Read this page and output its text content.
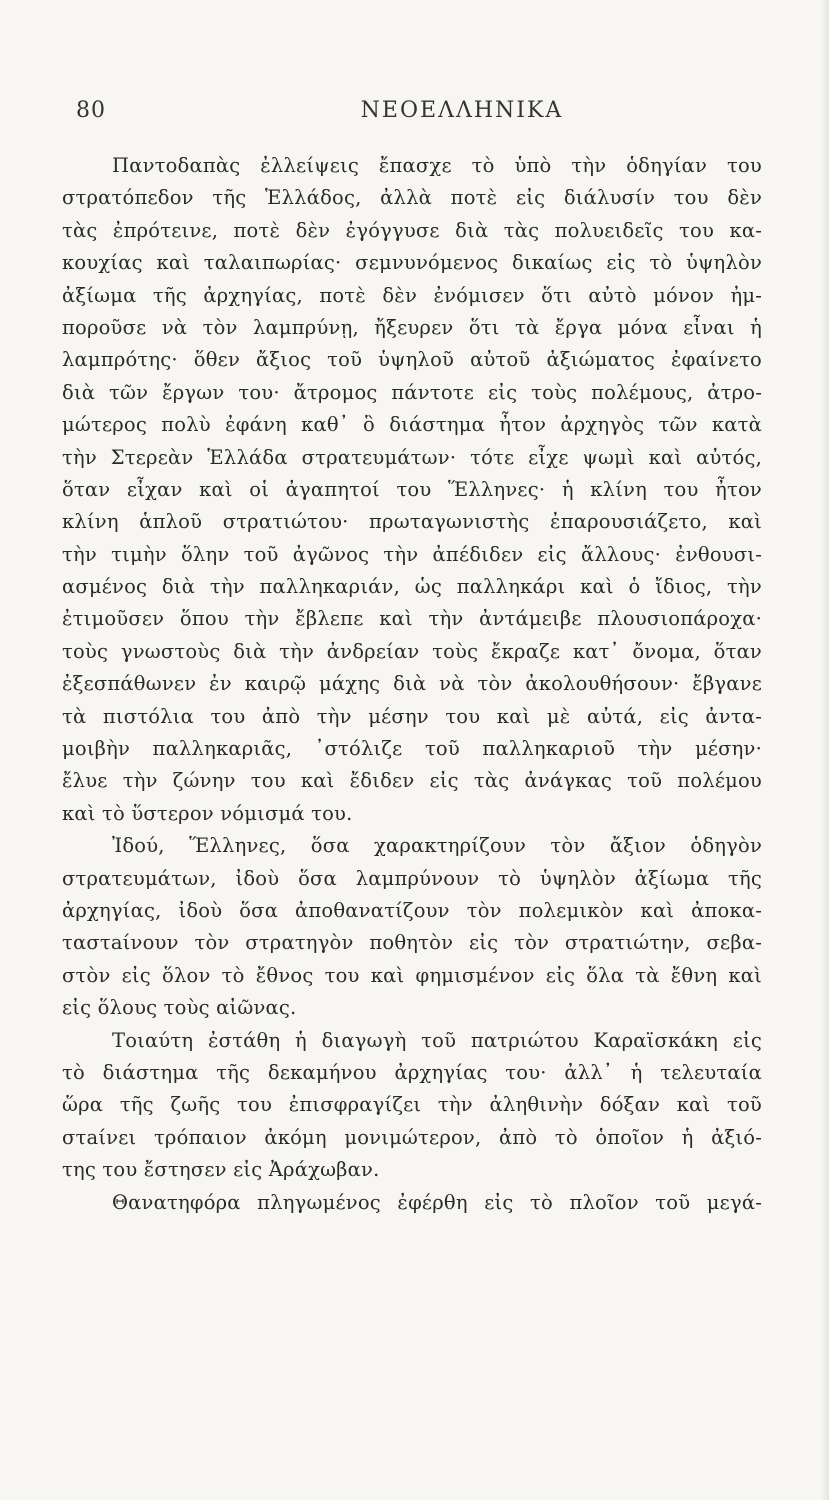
80	ΝΕΟΕΛΛΗΝΙΚΑ
Παντοδαπὰς ἐλλείψεις ἔπασχε τὸ ὑπὸ τὴν ὁδηγίαν του
στρατόπεδον τῆς Ἑλλάδος, ἀλλὰ ποτὲ εἰς διάλυσίν του δὲν
τὰς ἐπρότεινε, ποτὲ δὲν ἐγόγγυσε διὰ τὰς πολυειδεῖς του κα-
κουχίας καὶ ταλαιπωρίας· σεμνυνόμενος δικαίως εἰς τὸ ὑψηλὸν
ἀξίωμα τῆς ἀρχηγίας, ποτὲ δὲν ἐνόμισεν ὅτι αὐτὸ μόνον ἠμ-
ποροῦσε νὰ τὸν λαμπρύνῃ, ἤξευρεν ὅτι τὰ ἔργα μόνα εἶναι ἡ
λαμπρότης· ὅθεν ἄξιος τοῦ ὑψηλοῦ αὐτοῦ ἀξιώματος ἐφαίνετο
διὰ τῶν ἔργων του· ἄτρομος πάντοτε εἰς τοὺς πολέμους, ἀτρο-
μώτερος πολὺ ἐφάνη καθ᾽ ὃ διάστημα ἦτον ἀρχηγὸς τῶν κατὰ
τὴν Στερεὰν Ἑλλάδα στρατευμάτων· τότε εἶχε ψωμὶ καὶ αὐτός,
ὅταν εἶχαν καὶ οἱ ἀγαπητοί του Ἕλληνες· ἡ κλίνη του ἦτον
κλίνη ἁπλοῦ στρατιώτου· πρωταγωνιστὴς ἐπαρουσιάζετο, καὶ
τὴν τιμὴν ὅλην τοῦ ἀγῶνος τὴν ἀπέδιδεν εἰς ἄλλους· ἐνθουσι-
ασμένος διὰ τὴν παλληκαριάν, ὡς παλληκάρι καὶ ὁ ἴδιος, τὴν
ἐτιμοῦσεν ὅπου τὴν ἔβλεπε καὶ τὴν ἀντάμειβε πλουσιοπάροχα·
τοὺς γνωστοὺς διὰ τὴν ἀνδρείαν τοὺς ἔκραζε κατ᾽ ὄνομα, ὅταν
ἐξεσπάθωνεν ἐν καιρῷ μάχης διὰ νὰ τὸν ἀκολουθήσουν· ἔβγανε
τὰ πιστόλια του ἀπὸ τὴν μέσην του καὶ μὲ αὐτά, εἰς ἀντα-
μοιβὴν παλληκαριᾶς, ᾽στόλιζε τοῦ παλληκαριοῦ τὴν μέσην·
ἔλυε τὴν ζώνην του καὶ ἔδιδεν εἰς τὰς ἀνάγκας τοῦ πολέμου
καὶ τὸ ὕστερον νόμισμά του.
Ἰδού, Ἕλληνες, ὅσα χαρακτηρίζουν τὸν ἄξιον ὁδηγὸν
στρατευμάτων, ἰδοὺ ὅσα λαμπρύνουν τὸ ὑψηλὸν ἀξίωμα τῆς
ἀρχηγίας, ἰδοὺ ὅσα ἀποθανατίζουν τὸν πολεμικὸν καὶ ἀποκα-
ταστaίνουν τὸν στρατηγὸν ποθητὸν εἰς τὸν στρατιώτην, σεβα-
στὸν εἰς ὅλον τὸ ἔθνος του καὶ φημισμένον εἰς ὅλα τὰ ἔθνη καὶ
εἰς ὅλους τοὺς αἰῶνας.
Τοιαύτη ἐστάθη ἡ διαγωγὴ τοῦ πατριώτου Καραϊσκάκη εἰς
τὸ διάστημα τῆς δεκαμήνου ἀρχηγίας του· ἀλλ᾽ ἡ τελευταία
ὥρα τῆς ζωῆς του ἐπισφραγίζει τὴν ἀληθινὴν δόξαν καὶ τοῦ
στaίνει τρόπαιον ἀκόμη μονιμώτερον, ἀπὸ τὸ ὁποῖον ἡ ἀξιό-
της του ἔστησεν εἰς Ἀράχωβαν.
Θανατηφόρα πληγωμένος ἐφέρθη εἰς τὸ πλοῖον τοῦ μεγά-
